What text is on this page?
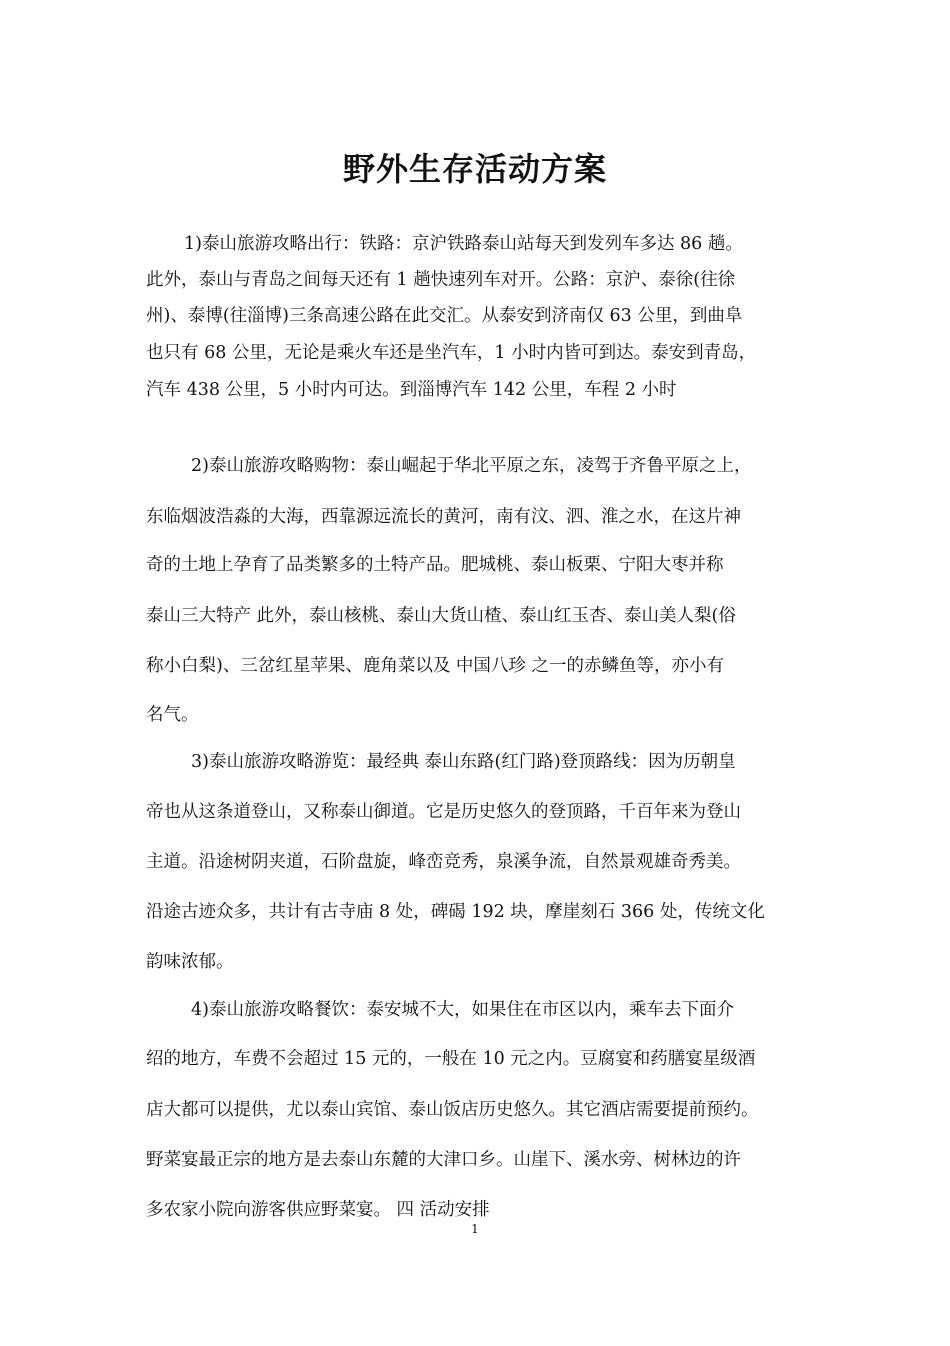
野外生存活动方案

1)泰山旅游攻略出行：铁路：京沪铁路泰山站每天到发列车多达 86 趟。

此外，泰山与青岛之间每天还有 1 趟快速列车对开。公路：京沪、泰徐(往徐

州)、泰博(往淄博)三条高速公路在此交汇。从泰安到济南仅 63 公里，到曲阜

也只有 68 公里，无论是乘火车还是坐汽车，1 小时内皆可到达。泰安到青岛，

汽车 438 公里，5 小时内可达。到淄博汽车 142 公里，车程 2 小时

2)泰山旅游攻略购物：泰山崛起于华北平原之东，凌驾于齐鲁平原之上，

东临烟波浩淼的大海，西靠源远流长的黄河，南有汶、泗、淮之水，在这片神

奇的土地上孕育了品类繁多的土特产品。肥城桃、泰山板栗、宁阳大枣并称

泰山三大特产 此外，泰山核桃、泰山大货山楂、泰山红玉杏、泰山美人梨(俗

称小白梨)、三岔红星苹果、鹿角菜以及 中国八珍 之一的赤鳞鱼等，亦小有

名气。

3)泰山旅游攻略游览：最经典 泰山东路(红门路)登顶路线：因为历朝皇

帝也从这条道登山，又称泰山御道。它是历史悠久的登顶路，千百年来为登山

主道。沿途树阴夹道，石阶盘旋，峰峦竞秀，泉溪争流，自然景观雄奇秀美。

沿途古迹众多，共计有古寺庙 8 处，碑碣 192 块，摩崖刻石 366 处，传统文化

韵味浓郁。

4)泰山旅游攻略餐饮：泰安城不大，如果住在市区以内，乘车去下面介

绍的地方，车费不会超过 15 元的，一般在 10 元之内。豆腐宴和药膳宴星级酒

店大都可以提供，尤以泰山宾馆、泰山饭店历史悠久。其它酒店需要提前预约。

野菜宴最正宗的地方是去泰山东麓的大津口乡。山崖下、溪水旁、树林边的许

多农家小院向游客供应野菜宴。 四 活动安排

1
